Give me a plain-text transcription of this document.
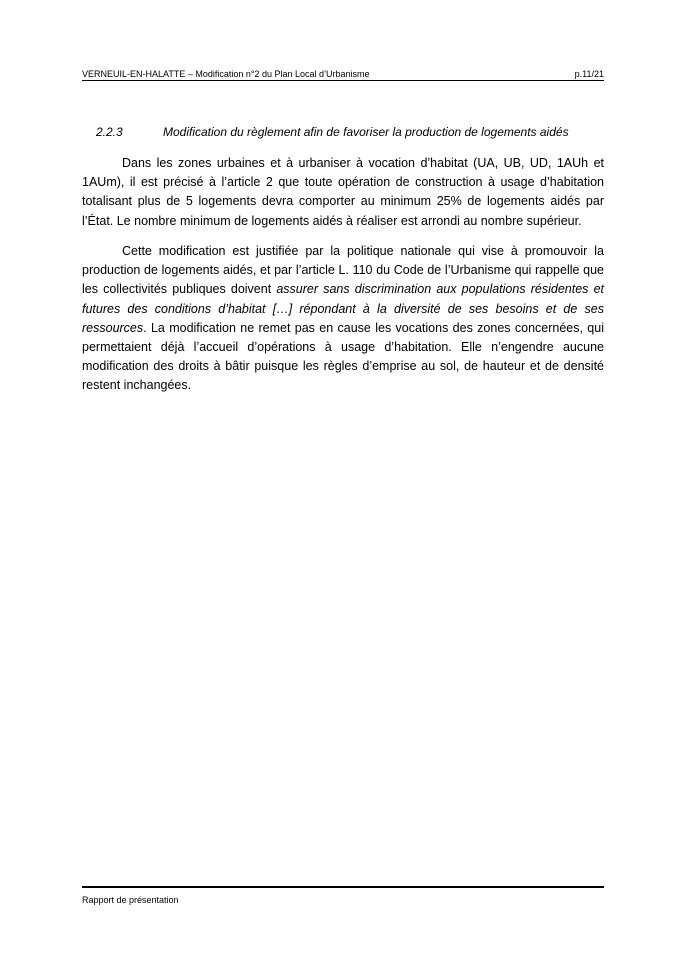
VERNEUIL-EN-HALATTE – Modification n°2 du Plan Local d’Urbanisme	p.11/21
2.2.3	Modification du règlement afin de favoriser la production de logements aidés

Dans les zones urbaines et à urbaniser à vocation d’habitat (UA, UB, UD, 1AUh et 1AUm), il est précisé à l’article 2 que toute opération de construction à usage d’habitation totalisant plus de 5 logements devra comporter au minimum 25% de logements aidés par l’État. Le nombre minimum de logements aidés à réaliser est arrondi au nombre supérieur.

Cette modification est justifiée par la politique nationale qui vise à promouvoir la production de logements aidés, et par l’article L. 110 du Code de l’Urbanisme qui rappelle que les collectivités publiques doivent assurer sans discrimination aux populations résidentes et futures des conditions d’habitat […] répondant à la diversité de ses besoins et de ses ressources. La modification ne remet pas en cause les vocations des zones concernées, qui permettaient déjà l’accueil d’opérations à usage d’habitation. Elle n’engendre aucune modification des droits à bâtir puisque les règles d’emprise au sol, de hauteur et de densité restent inchangées.

Rapport de présentation
